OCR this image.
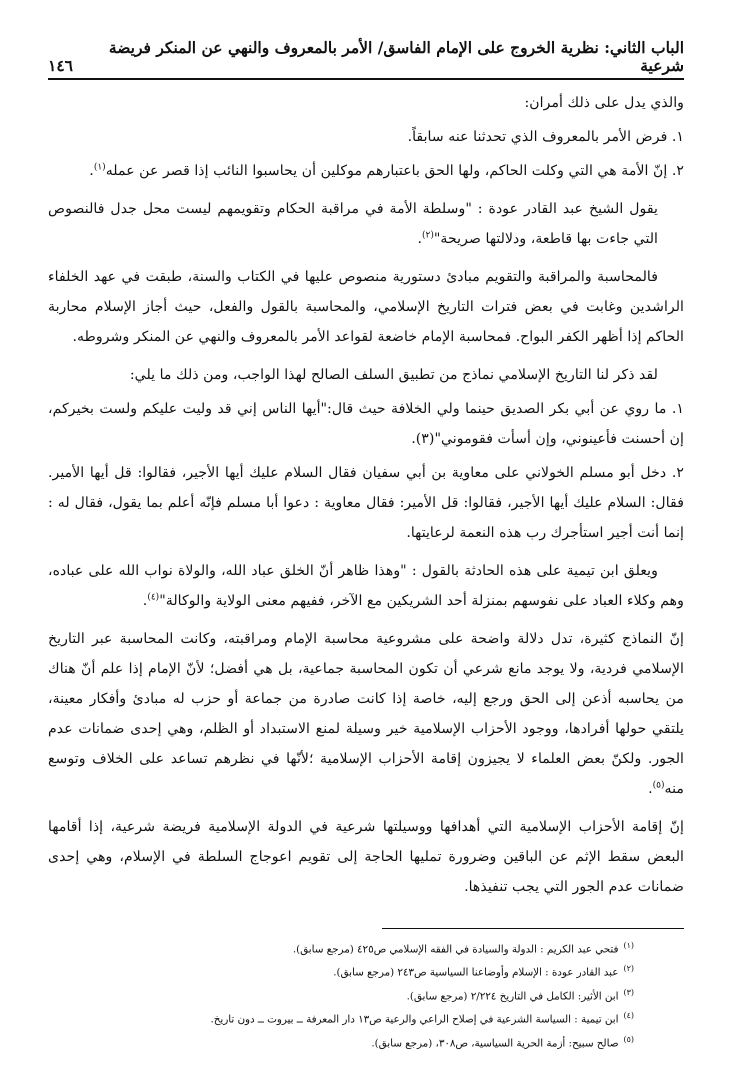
الباب الثاني: نظرية الخروج على الإمام الفاسق/ الأمر بالمعروف والنهي عن المنكر فريضة شرعية
١٤٦

والذي يدل على ذلك أمران:

١. فرض الأمر بالمعروف الذي تحدثنا عنه سابقاً.

٢. إنّ الأمة هي التي وكلت الحاكم، ولها الحق باعتبارهم موكلين أن يحاسبوا النائب إذا قصر عن عمله$^{(١)}$.

يقول الشيخ عبد القادر عودة : "وسلطة الأمة في مراقبة الحكام وتقويمهم ليست محل جدل فالنصوص التي جاءت بها قاطعة، ودلالتها صريحة"$^{(٢)}$.

فالمحاسبة والمراقبة والتقويم مبادئ دستورية منصوص عليها في الكتاب والسنة، طبقت في عهد الخلفاء الراشدين وغابت في بعض فترات التاريخ الإسلامي، والمحاسبة بالقول والفعل، حيث أجاز الإسلام محاربة الحاكم إذا أظهر الكفر البواح. فمحاسبة الإمام خاضعة لقواعد الأمر بالمعروف والنهي عن المنكر وشروطه.

لقد ذكر لنا التاريخ الإسلامي نماذج من تطبيق السلف الصالح لهذا الواجب، ومن ذلك ما يلي:

١. ما روي عن أبي بكر الصديق حينما ولي الخلافة حيث قال:"أيها الناس إني قد وليت عليكم ولست بخيركم، إن أحسنت فأعينوني، وإن أسأت فقوموني"(٣).

٢. دخل أبو مسلم الخولاني على معاوية بن أبي سفيان فقال السلام عليك أيها الأجير، فقالوا: قل أيها الأمير. فقال: السلام عليك أيها الأجير، فقالوا: قل الأمير: فقال معاوية : دعوا أبا مسلم فإنّه أعلم بما يقول، فقال له : إنما أنت أجير استأجرك رب هذه النعمة لرعايتها.

ويعلق ابن تيمية على هذه الحادثة بالقول : "وهذا ظاهر أنّ الخلق عباد الله، والولاة نواب الله على عباده، وهم وكلاء العباد على نفوسهم بمنزلة أحد الشريكين مع الآخر، ففيهم معنى الولاية والوكالة"$^{(٤)}$.

إنّ النماذج كثيرة، تدل دلالة واضحة على مشروعية محاسبة الإمام ومراقبته، وكانت المحاسبة عبر التاريخ الإسلامي فردية، ولا يوجد مانع شرعي أن تكون المحاسبة جماعية، بل هي أفضل؛ لأنّ الإمام إذا علم أنّ هناك من يحاسبه أذعن إلى الحق ورجع إليه، خاصة إذا كانت صادرة من جماعة أو حزب له مبادئ وأفكار معينة، يلتقي حولها أفرادها، ووجود الأحزاب الإسلامية خير وسيلة لمنع الاستبداد أو الظلم، وهي إحدى ضمانات عدم الجور. ولكنّ بعض العلماء لا يجيزون إقامة الأحزاب الإسلامية ؛لأنّها في نظرهم تساعد على الخلاف وتوسع منه$^{(٥)}$.

إنّ إقامة الأحزاب الإسلامية التي أهدافها ووسيلتها شرعية في الدولة الإسلامية فريضة شرعية، إذا أقامها البعض سقط الإثم عن الباقين وضرورة تمليها الحاجة إلى تقويم اعوجاج السلطة في الإسلام، وهي إحدى ضمانات عدم الجور التي يجب تنفيذها.

$^{(١)}$فتحي عبد الكريم : الدولة والسيادة في الفقه الإسلامي ص٤٢٥ (مرجع سابق).
$^{(٢)}$عبد القادر عودة : الإسلام وأوضاعنا السياسية ص٢٤٣ (مرجع سابق).
$^{(٣)}$ابن الأثير: الكامل في التاريخ ٢/٢٢٤ (مرجع سابق).
$^{(٤)}$ابن تيمية : السياسة الشرعية في إصلاح الراعي والرعية ص١٣ دار المعرفة ــ بيروت ــ دون تاريخ.
$^{(٥)}$صالح سبيح: أزمة الحرية السياسية، ص٣٠٨، (مرجع سابق).
